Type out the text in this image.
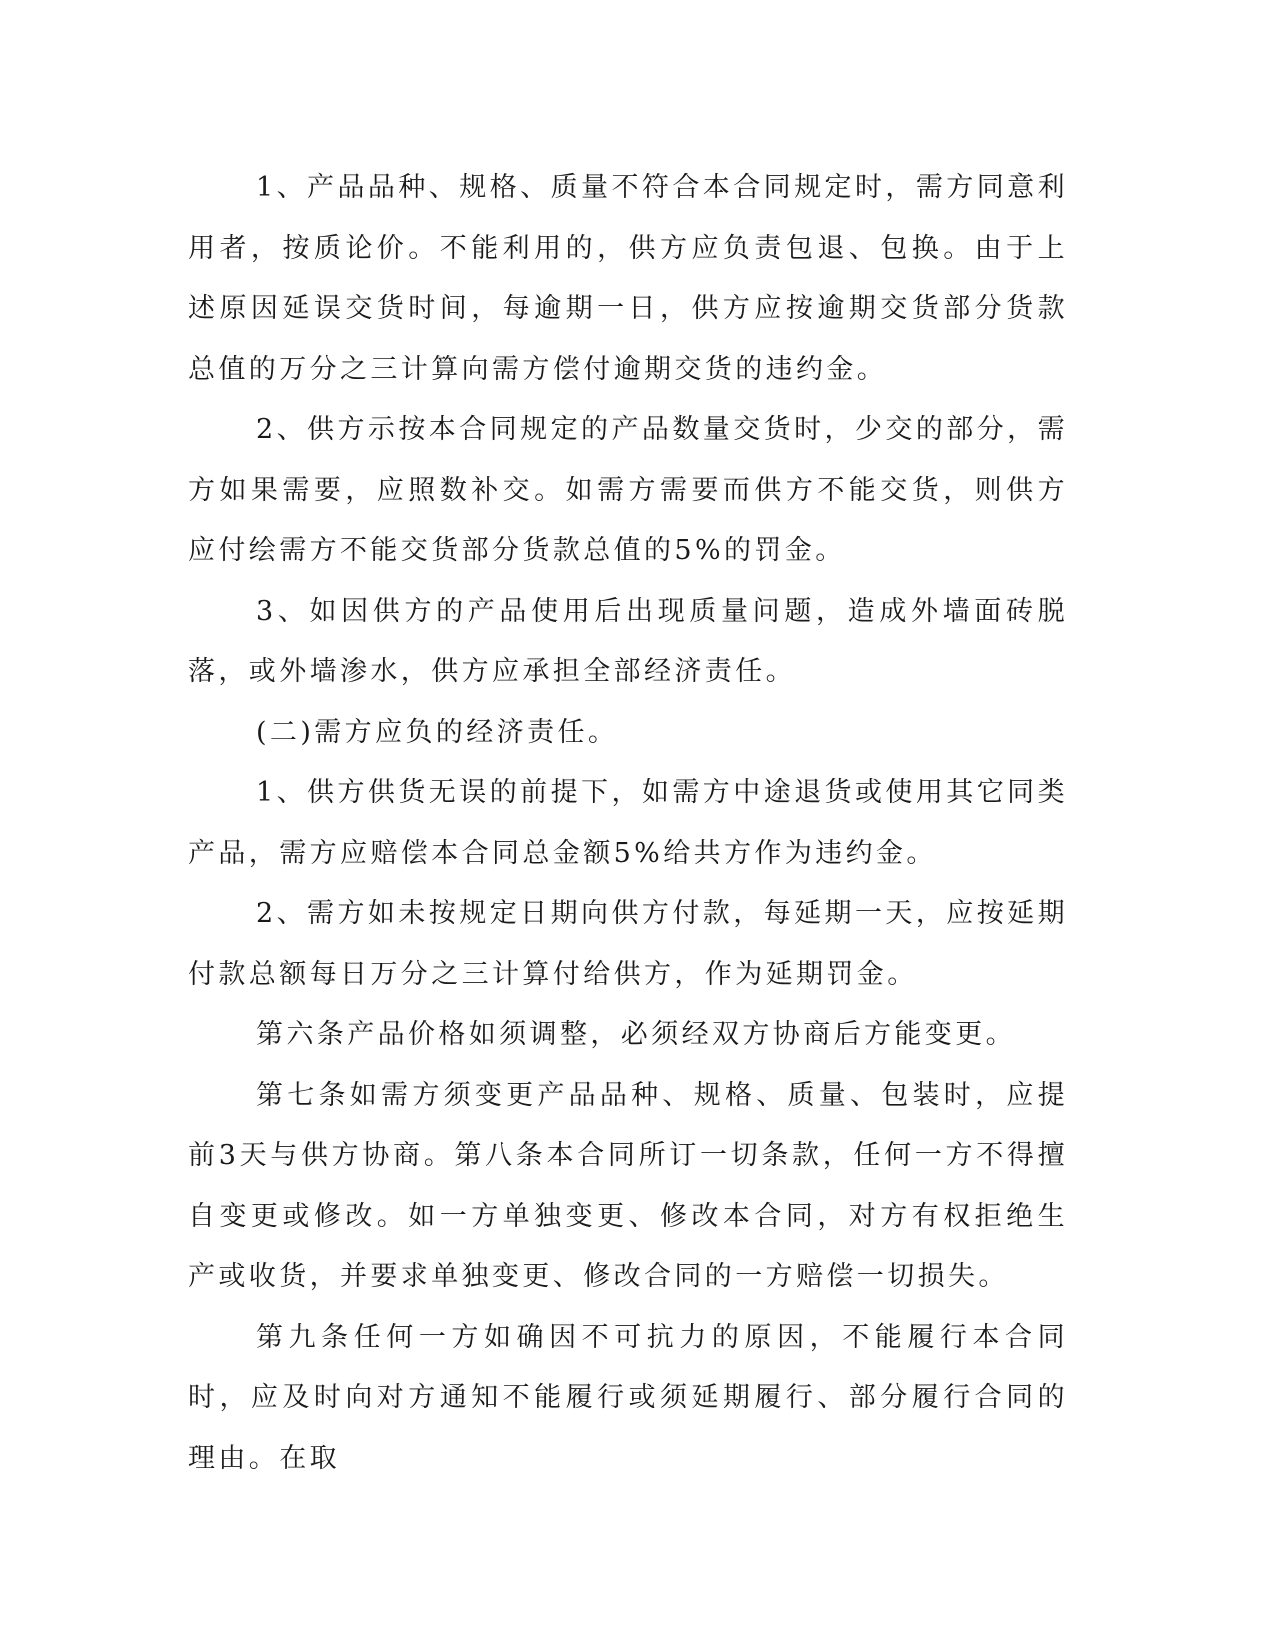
1、产品品种、规格、质量不符合本合同规定时，需方同意利用者，按质论价。不能利用的，供方应负责包退、包换。由于上述原因延误交货时间，每逾期一日，供方应按逾期交货部分货款总值的万分之三计算向需方偿付逾期交货的违约金。

2、供方示按本合同规定的产品数量交货时，少交的部分，需方如果需要，应照数补交。如需方需要而供方不能交货，则供方应付绘需方不能交货部分货款总值的5%的罚金。

3、如因供方的产品使用后出现质量问题，造成外墙面砖脱落，或外墙渗水，供方应承担全部经济责任。

(二)需方应负的经济责任。

1、供方供货无误的前提下，如需方中途退货或使用其它同类产品，需方应赔偿本合同总金额5%给共方作为违约金。

2、需方如未按规定日期向供方付款，每延期一天，应按延期付款总额每日万分之三计算付给供方，作为延期罚金。

第六条产品价格如须调整，必须经双方协商后方能变更。

第七条如需方须变更产品品种、规格、质量、包装时，应提前3天与供方协商。第八条本合同所订一切条款，任何一方不得擅自变更或修改。如一方单独变更、修改本合同，对方有权拒绝生产或收货，并要求单独变更、修改合同的一方赔偿一切损失。

第九条任何一方如确因不可抗力的原因，不能履行本合同时，应及时向对方通知不能履行或须延期履行、部分履行合同的理由。在取
